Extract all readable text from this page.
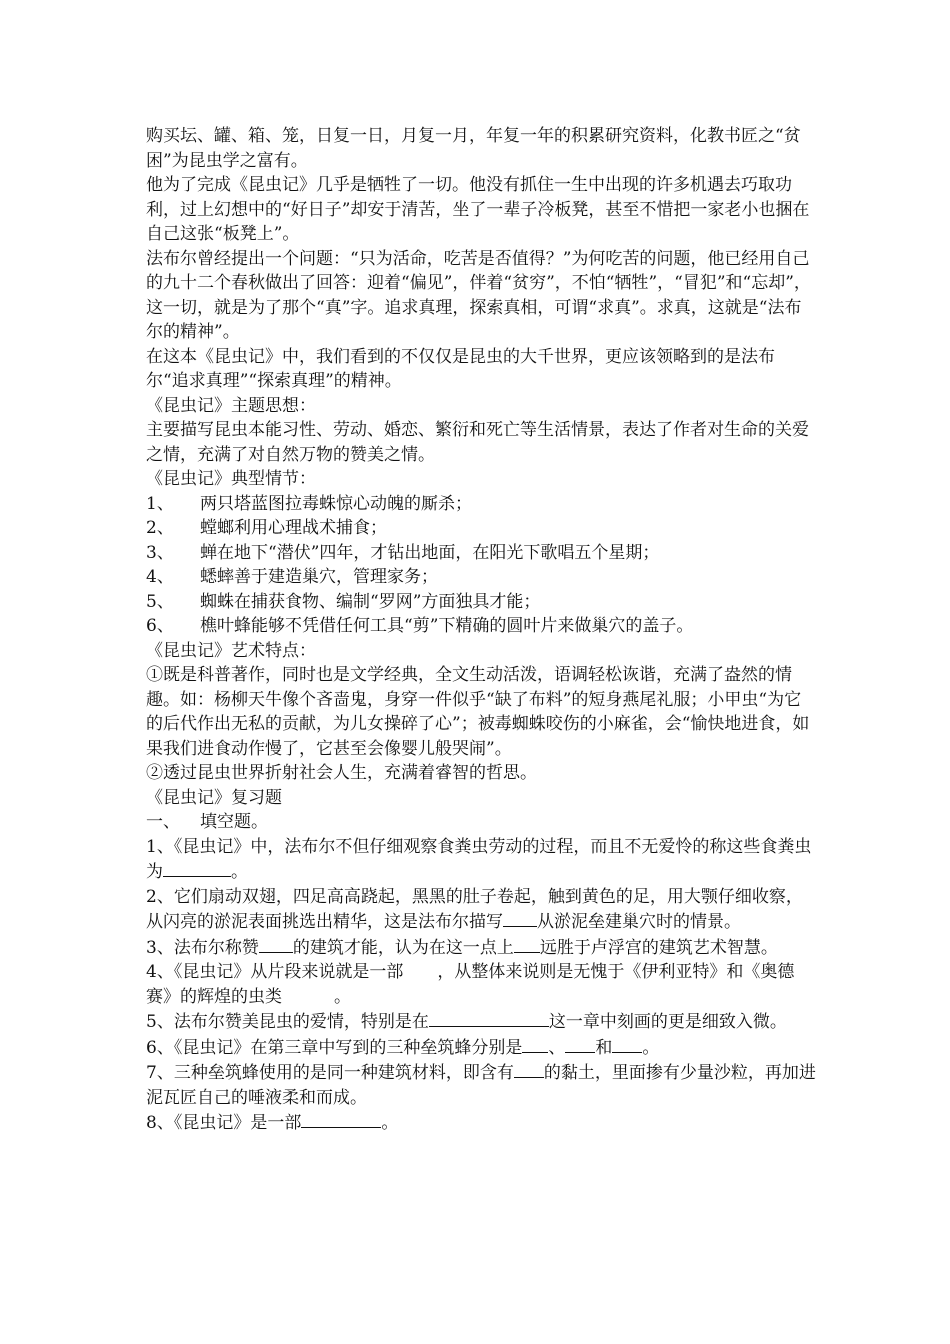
购买坛、罐、箱、笼，日复一日，月复一月，年复一年的积累研究资料，化教书匠之“贫困”为昆虫学之富有。

他为了完成《昆虫记》几乎是牺牲了一切。他没有抓住一生中出现的许多机遇去巧取功利，过上幻想中的“好日子”却安于清苦，坐了一辈子冷板凳，甚至不惜把一家老小也捆在自己这张“板凳上”。

法布尔曾经提出一个问题：“只为活命，吃苦是否值得？”为何吃苦的问题，他已经用自己的九十二个春秋做出了回答：迎着“偏见”，伴着“贫穷”，不怕“牺牲”，“冒犯”和“忘却”，这一切，就是为了那个“真”字。追求真理，探索真相，可谓“求真”。求真，这就是“法布尔的精神”。

在这本《昆虫记》中，我们看到的不仅仅是昆虫的大千世界，更应该领略到的是法布尔“追求真理”“探索真理”的精神。

《昆虫记》主题思想：

主要描写昆虫本能习性、劳动、婚恋、繁衍和死亡等生活情景，表达了作者对生命的关爱之情，充满了对自然万物的赞美之情。

《昆虫记》典型情节：

1、 两只塔蓝图拉毒蛛惊心动魄的厮杀；

2、 螳螂利用心理战术捕食；

3、 蝉在地下“潜伏”四年，才钻出地面，在阳光下歌唱五个星期；

4、 蟋蟀善于建造巢穴，管理家务；

5、 蜘蛛在捕获食物、编制“罗网”方面独具才能；

6、 樵叶蜂能够不凭借任何工具“剪”下精确的圆叶片来做巢穴的盖子。

《昆虫记》艺术特点：

①既是科普著作，同时也是文学经典，全文生动活泼，语调轻松诙谐，充满了盎然的情趣。如：杨柳天牛像个吝啬鬼，身穿一件似乎“缺了布料”的短身燕尾礼服；小甲虫“为它的后代作出无私的贡献，为儿女操碎了心”；被毒蜘蛛咬伤的小麻雀，会“愉快地进食，如果我们进食动作慢了，它甚至会像婴儿般哭闹”。

②透过昆虫世界折射社会人生，充满着睿智的哲思。

《昆虫记》复习题

一、 填空题。

1、《昆虫记》中，法布尔不但仔细观察食粪虫劳动的过程，而且不无爱怜的称这些食粪虫为	。

2、它们扇动双翅，四足高高跷起，黑黑的肚子卷起，触到黄色的足，用大颚仔细收察，从闪亮的淤泥表面挑选出精华，这是法布尔描写 从淤泥垒建巢穴时的情景。

3、法布尔称赞 的建筑才能，认为在这一点上 远胜于卢浮宫的建筑艺术智慧。

4、《昆虫记》从片段来说就是一部 ，从整体来说则是无愧于《伊利亚特》和《奥德赛》的辉煌的虫类	。

5、法布尔赞美昆虫的爱情，特别是在	这一章中刻画的更是细致入微。

6、《昆虫记》在第三章中写到的三种垒筑蜂分别是 、 和 。

7、三种垒筑蜂使用的是同一种建筑材料，即含有 的黏土，里面掺有少量沙粒，再加进泥瓦匠自己的唾液柔和而成。

8、《昆虫记》是一部	。
